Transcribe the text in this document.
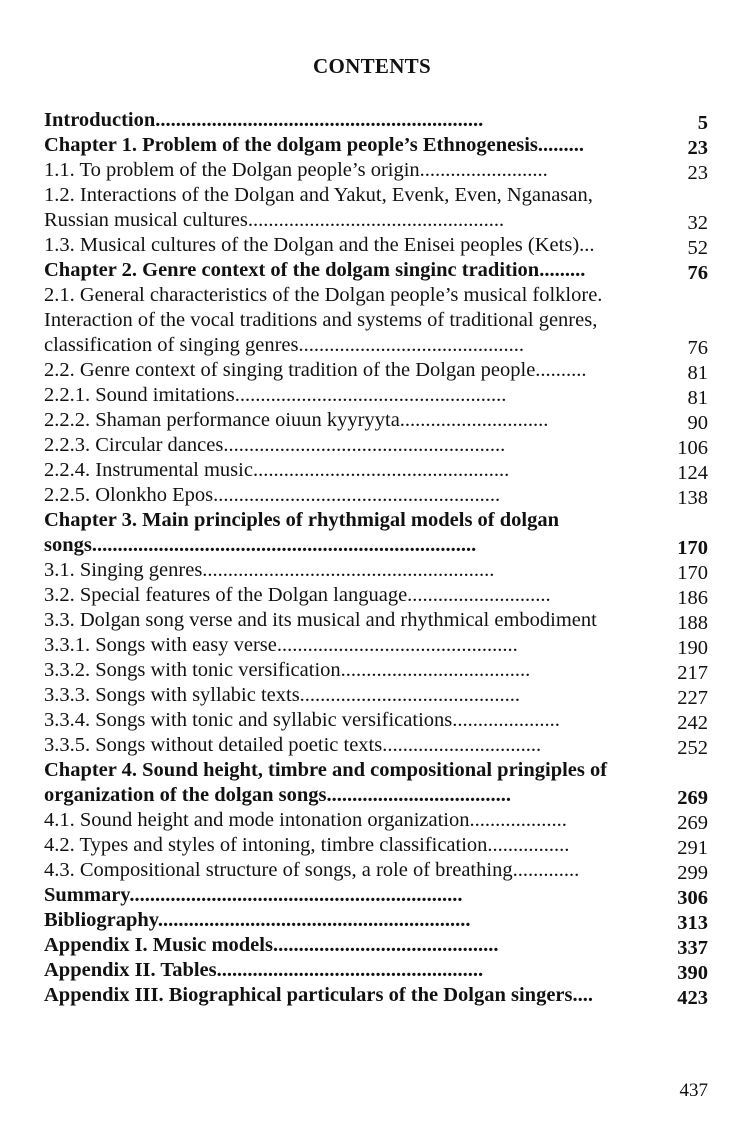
CONTENTS
Introduction................................................................	5
Chapter 1. Problem of the dolgam people’s Ethnogenesis.........	23
1.1. To problem of the Dolgan people’s origin.........................	23
1.2. Interactions of the Dolgan and Yakut, Evenk, Even, Nganasan, Russian musical cultures..................................................	32
1.3. Musical cultures of the Dolgan and the Enisei peoples (Kets)...	52
Chapter 2. Genre context of the dolgam singinc tradition.........	76
2.1. General characteristics of the Dolgan people’s musical folklore. Interaction of the vocal traditions and systems of traditional genres, classification of singing genres............................................	76
2.2. Genre context of singing tradition of the Dolgan people..........	81
2.2.1. Sound imitations.....................................................	81
2.2.2. Shaman performance oiuun kyyryyta.............................	90
2.2.3. Circular dances.......................................................	106
2.2.4. Instrumental music..................................................	124
2.2.5. Olonkho Epos........................................................	138
Chapter 3. Main principles of rhythmigal models of dolgan songs...........................................................................	170
3.1. Singing genres.........................................................	170
3.2. Special features of the Dolgan language............................	186
3.3. Dolgan song verse and its musical and rhythmical embodiment	188
3.3.1. Songs with easy verse...............................................	190
3.3.2. Songs with tonic versification.....................................	217
3.3.3. Songs with syllabic texts...........................................	227
3.3.4. Songs with tonic and syllabic versifications.....................	242
3.3.5. Songs without detailed poetic texts...............................	252
Chapter 4. Sound height, timbre and compositional pringiples of organization of the dolgan songs....................................	269
4.1. Sound height and mode intonation organization...................	269
4.2. Types and styles of intoning, timbre classification................	291
4.3. Compositional structure of songs, a role of breathing.............	299
Summary.................................................................	306
Bibliography.............................................................	313
Appendix I. Music models............................................	337
Appendix II. Tables....................................................	390
Appendix III. Biographical particulars of the Dolgan singers....	423
437
